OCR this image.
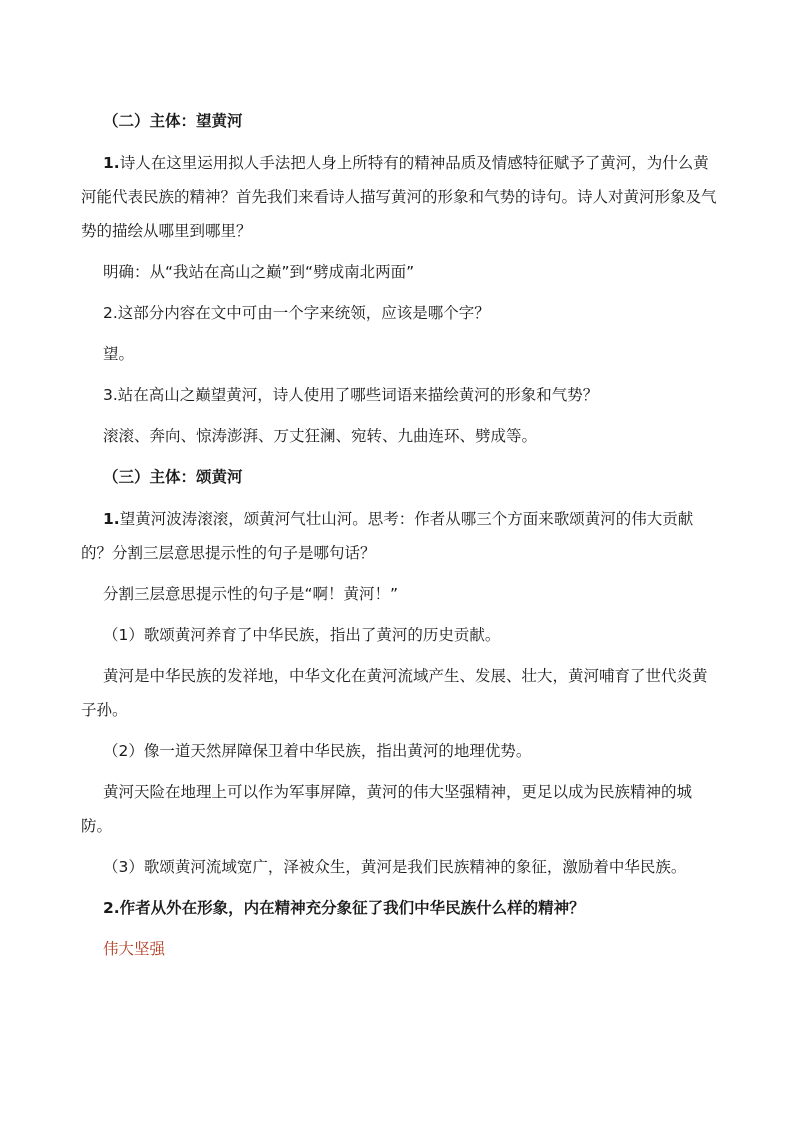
（二）主体：望黄河

1.诗人在这里运用拟人手法把人身上所特有的精神品质及情感特征赋予了黄河，为什么黄河能代表民族的精神？首先我们来看诗人描写黄河的形象和气势的诗句。诗人对黄河形象及气势的描绘从哪里到哪里？

明确：从“我站在高山之巅”到“劈成南北两面”

2.这部分内容在文中可由一个字来统领，应该是哪个字？

望。

3.站在高山之巅望黄河，诗人使用了哪些词语来描绘黄河的形象和气势？

滚滚、奔向、惊涛澎湃、万丈狂澜、宛转、九曲连环、劈成等。

（三）主体：颂黄河

1.望黄河波涛滚滚，颂黄河气壮山河。思考：作者从哪三个方面来歌颂黄河的伟大贡献的？分割三层意思提示性的句子是哪句话？

分割三层意思提示性的句子是“啊！黄河！”

（1）歌颂黄河养育了中华民族，指出了黄河的历史贡献。

黄河是中华民族的发祥地，中华文化在黄河流域产生、发展、壮大，黄河哺育了世代炎黄子孙。

（2）像一道天然屏障保卫着中华民族，指出黄河的地理优势。

黄河天险在地理上可以作为军事屏障，黄河的伟大坚强精神，更足以成为民族精神的城防。

（3）歌颂黄河流域宽广，泽被众生，黄河是我们民族精神的象征，激励着中华民族。

2.作者从外在形象，内在精神充分象征了我们中华民族什么样的精神？

伟大坚强
